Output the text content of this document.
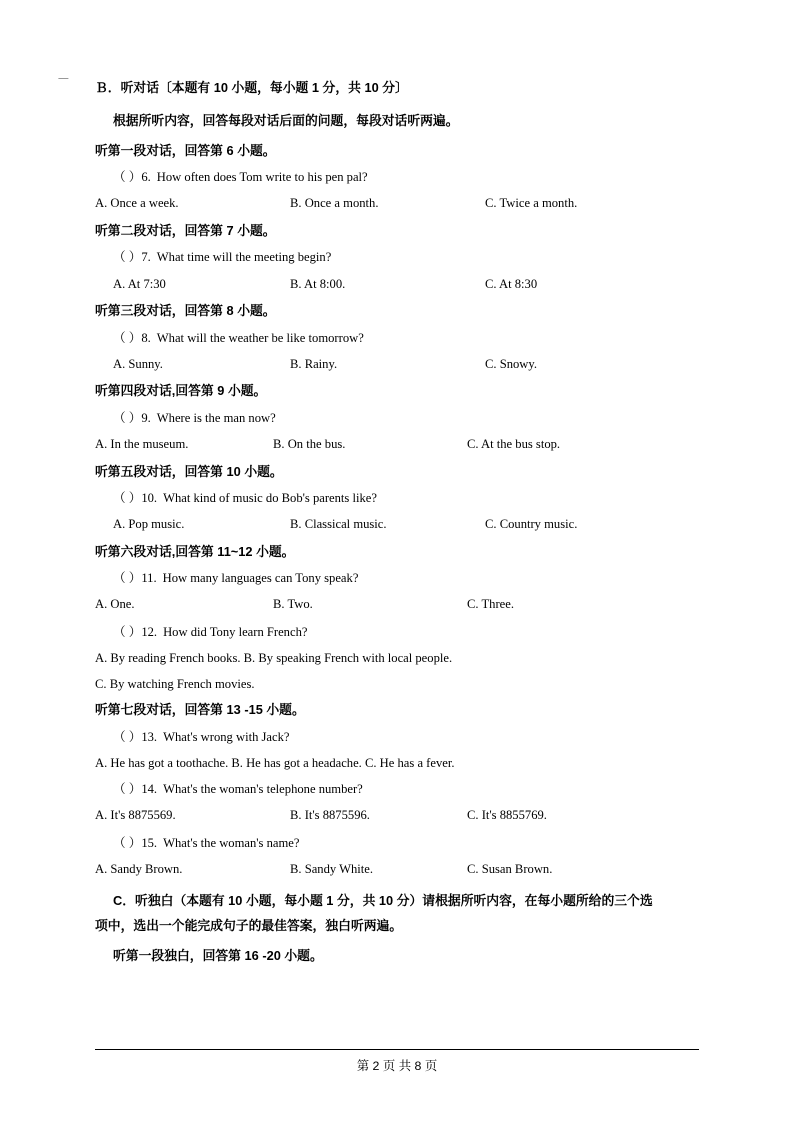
Ｂ．听对话〔本题有 10 小题，每小题 1 分，共 10 分〕
根据所听内容，回答每段对话后面的问题，每段对话听两遍。
听第一段对话，回答第 6 小题。
（ ）6. How often does Tom write to his pen pal?
A. Once a week.	B. Once a month.	C. Twice a month.
听第二段对话，回答第 7 小题。
（ ）7. What time will the meeting begin?
A. At 7:30	B. At 8:00.	C. At 8:30
听第三段对话，回答第 8 小题。
（ ）8. What will the weather be like tomorrow?
A. Sunny.	B. Rainy.	C. Snowy.
听第四段对话,回答第 9 小题。
（ ）9. Where is the man now?
A. In the museum.	B. On the bus.	C. At the bus stop.
听第五段对话，回答第 10 小题。
（ ）10. What kind of music do Bob's parents like?
A. Pop music.	B. Classical music.	C. Country music.
听第六段对话,回答第 11~12 小题。
（ ）11. How many languages can Tony speak?
A. One.	B. Two.	C. Three.
（ ）12. How did Tony learn French?
A. By reading French books. B. By speaking French with local people.
C. By watching French movies.
听第七段对话，回答第 13 -15 小题。
（ ）13. What's wrong with Jack?
A. He has got a toothache. B. He has got a headache. C. He has a fever.
（ ）14. What's the woman's telephone number?
A. It's 8875569.	B. It's 8875596.	C. It's 8855769.
（ ）15. What's the woman's name?
A. Sandy Brown.	B. Sandy White.	C. Susan Brown.
C．听独白（本题有 10 小题，每小题 1 分，共 10 分）请根据所听内容，在每小题所给的三个选
项中，选出一个能完成句子的最佳答案，独白听两遍。
听第一段独白，回答第 16 -20 小题。
第 2 页 共 8 页
